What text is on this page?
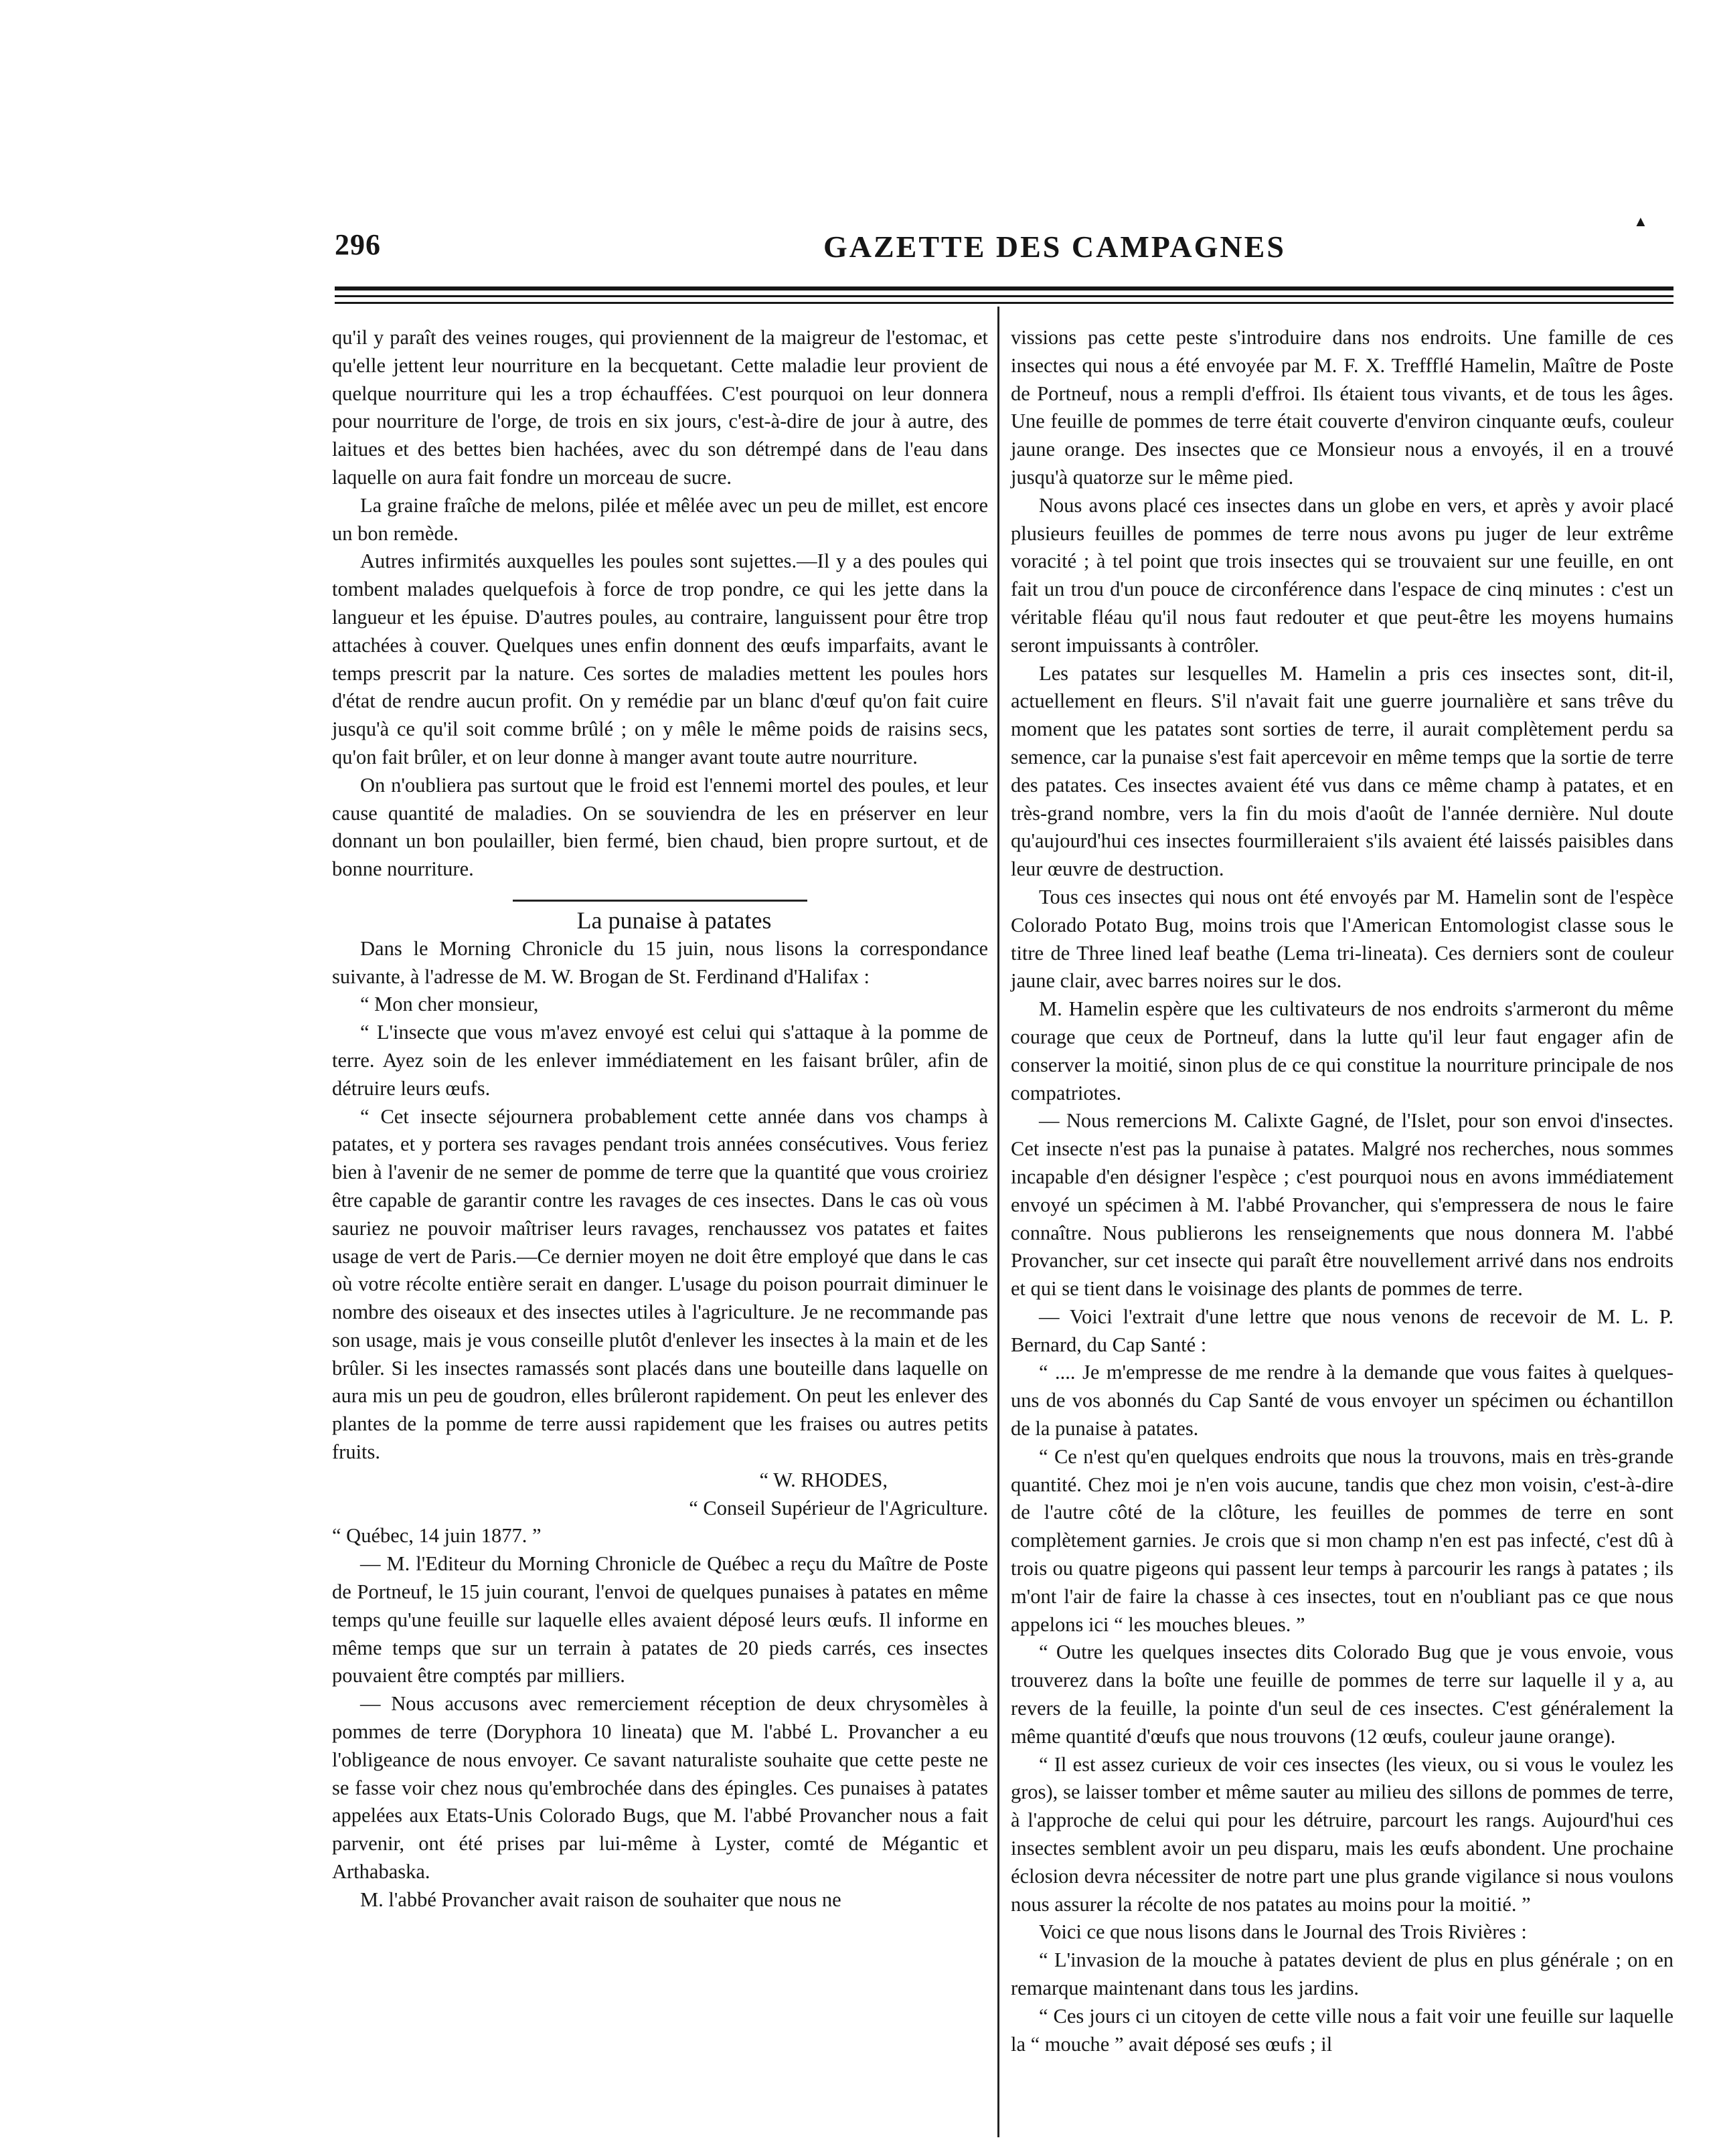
296	GAZETTE DES CAMPAGNES
▲

qu'il y paraît des veines rouges, qui proviennent de la maigreur de l'estomac, et qu'elle jettent leur nourriture en la becquetant. Cette maladie leur provient de quelque nourriture qui les a trop échauffées. C'est pourquoi on leur donnera pour nourriture de l'orge, de trois en six jours, c'est-à-dire de jour à autre, des laitues et des bettes bien hachées, avec du son détrempé dans de l'eau dans laquelle on aura fait fondre un morceau de sucre.

La graine fraîche de melons, pilée et mêlée avec un peu de millet, est encore un bon remède.

Autres infirmités auxquelles les poules sont sujettes.—Il y a des poules qui tombent malades quelquefois à force de trop pondre, ce qui les jette dans la langueur et les épuise. D'autres poules, au contraire, languissent pour être trop attachées à couver. Quelques unes enfin donnent des œufs imparfaits, avant le temps prescrit par la nature. Ces sortes de maladies mettent les poules hors d'état de rendre aucun profit. On y remédie par un blanc d'œuf qu'on fait cuire jusqu'à ce qu'il soit comme brûlé ; on y mêle le même poids de raisins secs, qu'on fait brûler, et on leur donne à manger avant toute autre nourriture.

On n'oubliera pas surtout que le froid est l'ennemi mortel des poules, et leur cause quantité de maladies. On se souviendra de les en préserver en leur donnant un bon poulailler, bien fermé, bien chaud, bien propre surtout, et de bonne nourriture.

La punaise à patates

Dans le Morning Chronicle du 15 juin, nous lisons la correspondance suivante, à l'adresse de M. W. Brogan de St. Ferdinand d'Halifax :

“ Mon cher monsieur,

“ L'insecte que vous m'avez envoyé est celui qui s'attaque à la pomme de terre. Ayez soin de les enlever immédiatement en les faisant brûler, afin de détruire leurs œufs.

“ Cet insecte séjournera probablement cette année dans vos champs à patates, et y portera ses ravages pendant trois années consécutives. Vous feriez bien à l'avenir de ne semer de pomme de terre que la quantité que vous croiriez être capable de garantir contre les ravages de ces insectes. Dans le cas où vous sauriez ne pouvoir maîtriser leurs ravages, renchaussez vos patates et faites usage de vert de Paris.—Ce dernier moyen ne doit être employé que dans le cas où votre récolte entière serait en danger. L'usage du poison pourrait diminuer le nombre des oiseaux et des insectes utiles à l'agriculture. Je ne recommande pas son usage, mais je vous conseille plutôt d'enlever les insectes à la main et de les brûler. Si les insectes ramassés sont placés dans une bouteille dans laquelle on aura mis un peu de goudron, elles brûleront rapidement. On peut les enlever des plantes de la pomme de terre aussi rapidement que les fraises ou autres petits fruits.

“ W. RHODES,

“ Conseil Supérieur de l'Agriculture.

“ Québec, 14 juin 1877. ”

— M. l'Editeur du Morning Chronicle de Québec a reçu du Maître de Poste de Portneuf, le 15 juin courant, l'envoi de quelques punaises à patates en même temps qu'une feuille sur laquelle elles avaient déposé leurs œufs. Il informe en même temps que sur un terrain à patates de 20 pieds carrés, ces insectes pouvaient être comptés par milliers.

— Nous accusons avec remerciement réception de deux chrysomèles à pommes de terre (Doryphora 10 lineata) que M. l'abbé L. Provancher a eu l'obligeance de nous envoyer. Ce savant naturaliste souhaite que cette peste ne se fasse voir chez nous qu'embrochée dans des épingles. Ces punaises à patates appelées aux Etats-Unis Colorado Bugs, que M. l'abbé Provancher nous a fait parvenir, ont été prises par lui-même à Lyster, comté de Mégantic et Arthabaska.

M. l'abbé Provancher avait raison de souhaiter que nous ne

vissions pas cette peste s'introduire dans nos endroits. Une famille de ces insectes qui nous a été envoyée par M. F. X. Treffflé Hamelin, Maître de Poste de Portneuf, nous a rempli d'effroi. Ils étaient tous vivants, et de tous les âges. Une feuille de pommes de terre était couverte d'environ cinquante œufs, couleur jaune orange. Des insectes que ce Monsieur nous a envoyés, il en a trouvé jusqu'à quatorze sur le même pied.

Nous avons placé ces insectes dans un globe en vers, et après y avoir placé plusieurs feuilles de pommes de terre nous avons pu juger de leur extrême voracité ; à tel point que trois insectes qui se trouvaient sur une feuille, en ont fait un trou d'un pouce de circonférence dans l'espace de cinq minutes : c'est un véritable fléau qu'il nous faut redouter et que peut-être les moyens humains seront impuissants à contrôler.

Les patates sur lesquelles M. Hamelin a pris ces insectes sont, dit-il, actuellement en fleurs. S'il n'avait fait une guerre journalière et sans trêve du moment que les patates sont sorties de terre, il aurait complètement perdu sa semence, car la punaise s'est fait apercevoir en même temps que la sortie de terre des patates. Ces insectes avaient été vus dans ce même champ à patates, et en très-grand nombre, vers la fin du mois d'août de l'année dernière. Nul doute qu'aujourd'hui ces insectes fourmilleraient s'ils avaient été laissés paisibles dans leur œuvre de destruction.

Tous ces insectes qui nous ont été envoyés par M. Hamelin sont de l'espèce Colorado Potato Bug, moins trois que l'American Entomologist classe sous le titre de Three lined leaf beathe (Lema tri-lineata). Ces derniers sont de couleur jaune clair, avec barres noires sur le dos.

M. Hamelin espère que les cultivateurs de nos endroits s'armeront du même courage que ceux de Portneuf, dans la lutte qu'il leur faut engager afin de conserver la moitié, sinon plus de ce qui constitue la nourriture principale de nos compatriotes.

— Nous remercions M. Calixte Gagné, de l'Islet, pour son envoi d'insectes. Cet insecte n'est pas la punaise à patates. Malgré nos recherches, nous sommes incapable d'en désigner l'espèce ; c'est pourquoi nous en avons immédiatement envoyé un spécimen à M. l'abbé Provancher, qui s'empressera de nous le faire connaître. Nous publierons les renseignements que nous donnera M. l'abbé Provancher, sur cet insecte qui paraît être nouvellement arrivé dans nos endroits et qui se tient dans le voisinage des plants de pommes de terre.

— Voici l'extrait d'une lettre que nous venons de recevoir de M. L. P. Bernard, du Cap Santé :

“ .... Je m'empresse de me rendre à la demande que vous faites à quelques-uns de vos abonnés du Cap Santé de vous envoyer un spécimen ou échantillon de la punaise à patates.

“ Ce n'est qu'en quelques endroits que nous la trouvons, mais en très-grande quantité. Chez moi je n'en vois aucune, tandis que chez mon voisin, c'est-à-dire de l'autre côté de la clôture, les feuilles de pommes de terre en sont complètement garnies. Je crois que si mon champ n'en est pas infecté, c'est dû à trois ou quatre pigeons qui passent leur temps à parcourir les rangs à patates ; ils m'ont l'air de faire la chasse à ces insectes, tout en n'oubliant pas ce que nous appelons ici “ les mouches bleues. ”

“ Outre les quelques insectes dits Colorado Bug que je vous envoie, vous trouverez dans la boîte une feuille de pommes de terre sur laquelle il y a, au revers de la feuille, la pointe d'un seul de ces insectes. C'est généralement la même quantité d'œufs que nous trouvons (12 œufs, couleur jaune orange).

“ Il est assez curieux de voir ces insectes (les vieux, ou si vous le voulez les gros), se laisser tomber et même sauter au milieu des sillons de pommes de terre, à l'approche de celui qui pour les détruire, parcourt les rangs. Aujourd'hui ces insectes semblent avoir un peu disparu, mais les œufs abondent. Une prochaine éclosion devra nécessiter de notre part une plus grande vigilance si nous voulons nous assurer la récolte de nos patates au moins pour la moitié. ”

Voici ce que nous lisons dans le Journal des Trois Rivières :

“ L'invasion de la mouche à patates devient de plus en plus générale ; on en remarque maintenant dans tous les jardins.

“ Ces jours ci un citoyen de cette ville nous a fait voir une feuille sur laquelle la “ mouche ” avait déposé ses œufs ; il
